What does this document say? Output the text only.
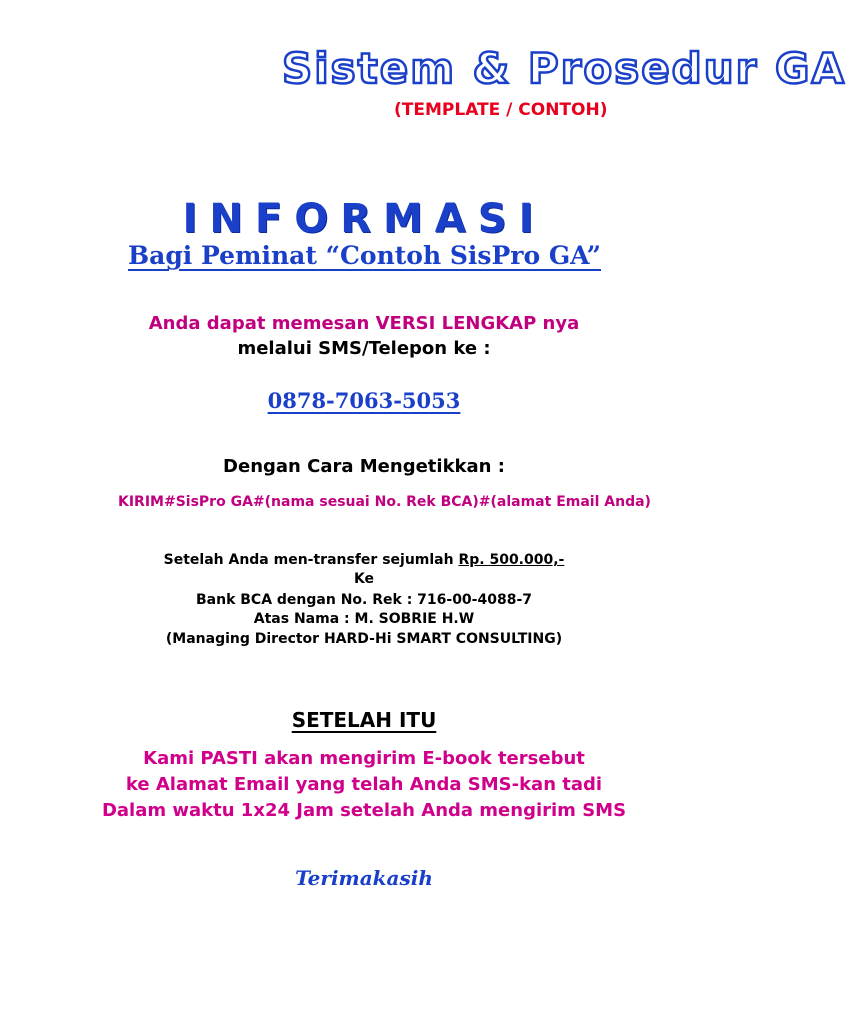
Sistem & Prosedur GA
(TEMPLATE / CONTOH)
INFORMASI
Bagi Peminat “Contoh SisPro GA”
Anda dapat memesan VERSI LENGKAP nya
melalui SMS/Telepon ke :
0878-7063-5053
Dengan Cara Mengetikkan :
KIRIM#SisPro GA#(nama sesuai No. Rek BCA)#(alamat Email Anda)
Setelah Anda men-transfer sejumlah Rp. 500.000,-
Ke
Bank BCA dengan No. Rek : 716-00-4088-7
Atas Nama : M. SOBRIE H.W
(Managing Director HARD-Hi SMART CONSULTING)
SETELAH ITU
Kami PASTI akan mengirim E-book tersebut
ke Alamat Email yang telah Anda SMS-kan tadi
Dalam waktu 1x24 Jam setelah Anda mengirim SMS
Terimakasih
